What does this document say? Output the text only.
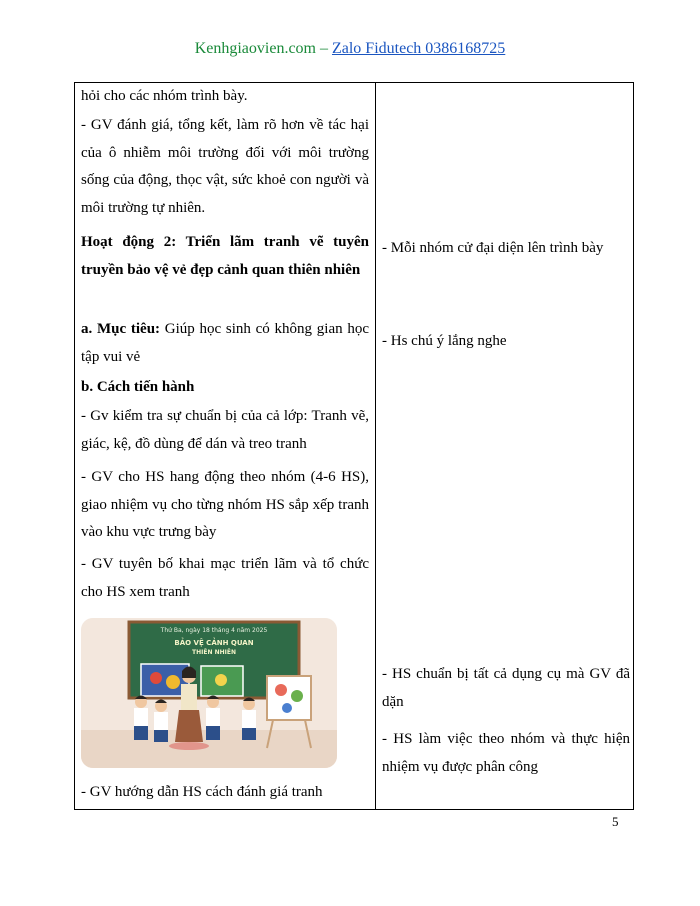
Kenhgiaovien.com – Zalo Fidutech 0386168725

hỏi cho các nhóm trình bày.

- GV đánh giá, tổng kết, làm rõ hơn về tác hại của ô nhiễm môi trường đối với môi trường sống của động, thọc vật, sức khoẻ con người và môi trường tự nhiên.

Hoạt động 2: Triển lãm tranh vẽ tuyên truyền bảo vệ vẻ đẹp cảnh quan thiên nhiên

a. Mục tiêu: Giúp học sinh có không gian học tập vui vẻ

b. Cách tiến hành

- Gv kiểm tra sự chuẩn bị của cả lớp: Tranh vẽ, giác, kệ, đồ dùng để dán và treo tranh

- GV cho HS hang động theo nhóm (4-6 HS), giao nhiệm vụ cho từng nhóm HS sắp xếp tranh vào khu vực trưng bày

- GV tuyên bố khai mạc triển lãm và tổ chức cho HS xem tranh

- GV hướng dẫn HS cách đánh giá tranh

Thứ Ba, ngày 18 tháng 4 năm 2025
BẢO VỆ CẢNH QUAN
THIÊN NHIÊN

- Mỗi nhóm cử đại diện lên trình bày

- Hs chú ý lắng nghe

- HS chuẩn bị tất cả dụng cụ mà GV đã dặn

- HS làm việc theo nhóm và thực hiện nhiệm vụ được phân công

5
